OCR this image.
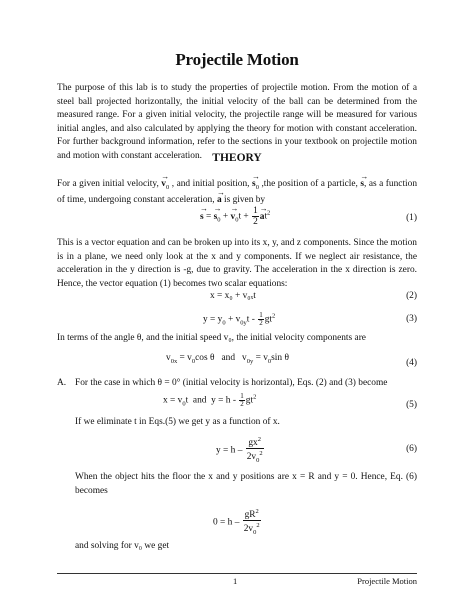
Projectile Motion

The purpose of this lab is to study the properties of projectile motion. From the motion of a steel ball projected horizontally, the initial velocity of the ball can be determined from the measured range. For a given initial velocity, the projectile range will be measured for various initial angles, and also calculated by applying the theory for motion with constant acceleration. For further background information, refer to the sections in your textbook on projectile motion and motion with constant acceleration. THEORY
For a given initial velocity, → $v_0$ , and initial position, → $s_0$ ,the position of a particle, → s, as a function of time, undergoing constant acceleration, → a is given by
→ s = → $s_0$ + → $v_0t + \frac{1}{2}$
→ $at^2$	(1)

This is a vector equation and can be broken up into its x, y, and z components. Since the motion is in a plane, we need only look at the x and y components. If we neglect air resistance, the acceleration in the y direction is -g, due to gravity. The acceleration in the x direction is zero. Hence, the vector equation (1) becomes two scalar equations:

x = x₀ + v₀ₓt	(2)
$y = y_0 + v_{0y}t - \frac{1}{2} gt^2$	(3)

In terms of the angle θ, and the initial speed v₀, the initial velocity components are

$v_{0x} = v_0\cos$ θ   and   $v_{0y} = v_0\sin$ θ	(4)
A. For the case in which θ = 0° (initial velocity is horizontal), Eqs. (2) and (3) become
$x = v_0t$  and  $y = h - \frac{1}{2} gt^2$
(5)

If we eliminate t in Eqs.(5) we get y as a function of x.

$y = h - \frac{gx^2}{2v_0^2}$	(6)

When the object hits the floor the x and y positions are x = R and y = 0. Hence, Eq. (6) becomes

$0 = h - \frac{gR^2}{2v_0^2}$

and solving for v₀ we get

1	Projectile Motion
